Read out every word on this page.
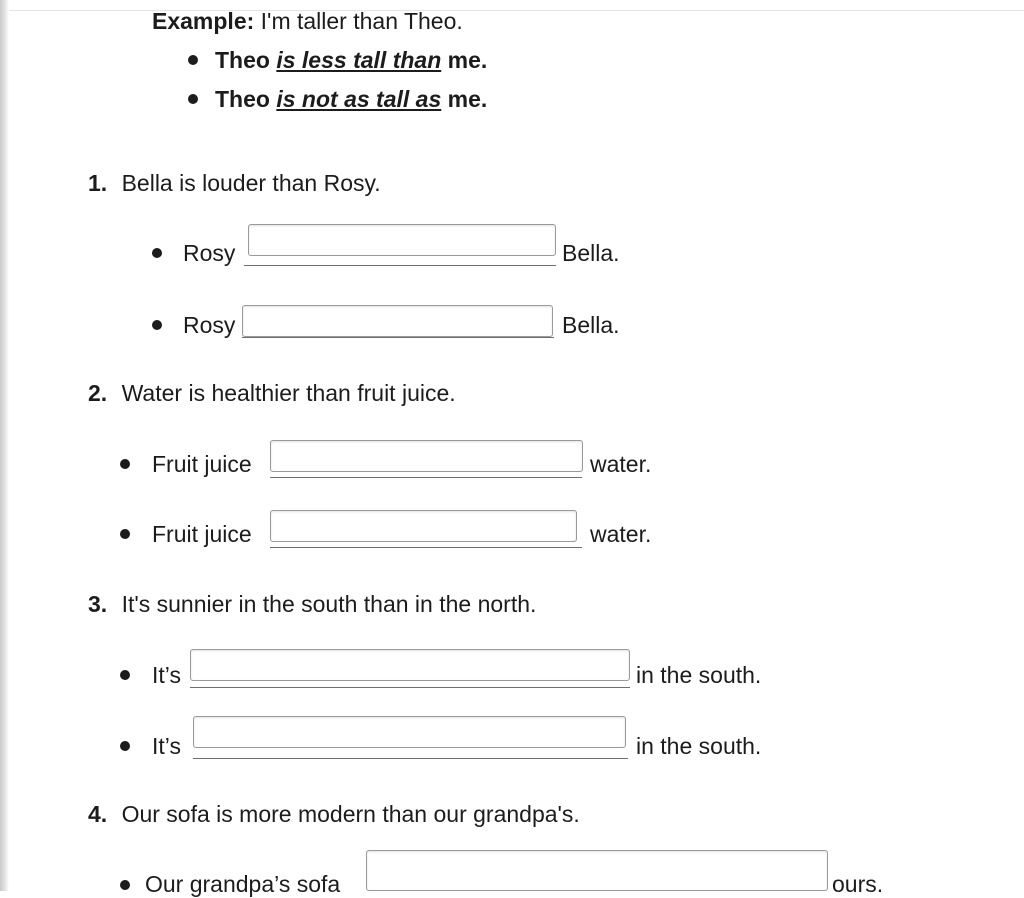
Example: I'm taller than Theo.
Theo is less tall than me.
Theo is not as tall as me.
1. Bella is louder than Rosy.
Rosy	Bella.
Rosy	Bella.
2. Water is healthier than fruit juice.
Fruit juice	water.
Fruit juice	water.
3. It's sunnier in the south than in the north.
It’s	in the south.
It’s	in the south.
4. Our sofa is more modern than our grandpa's.
Our grandpa’s sofa	ours.
